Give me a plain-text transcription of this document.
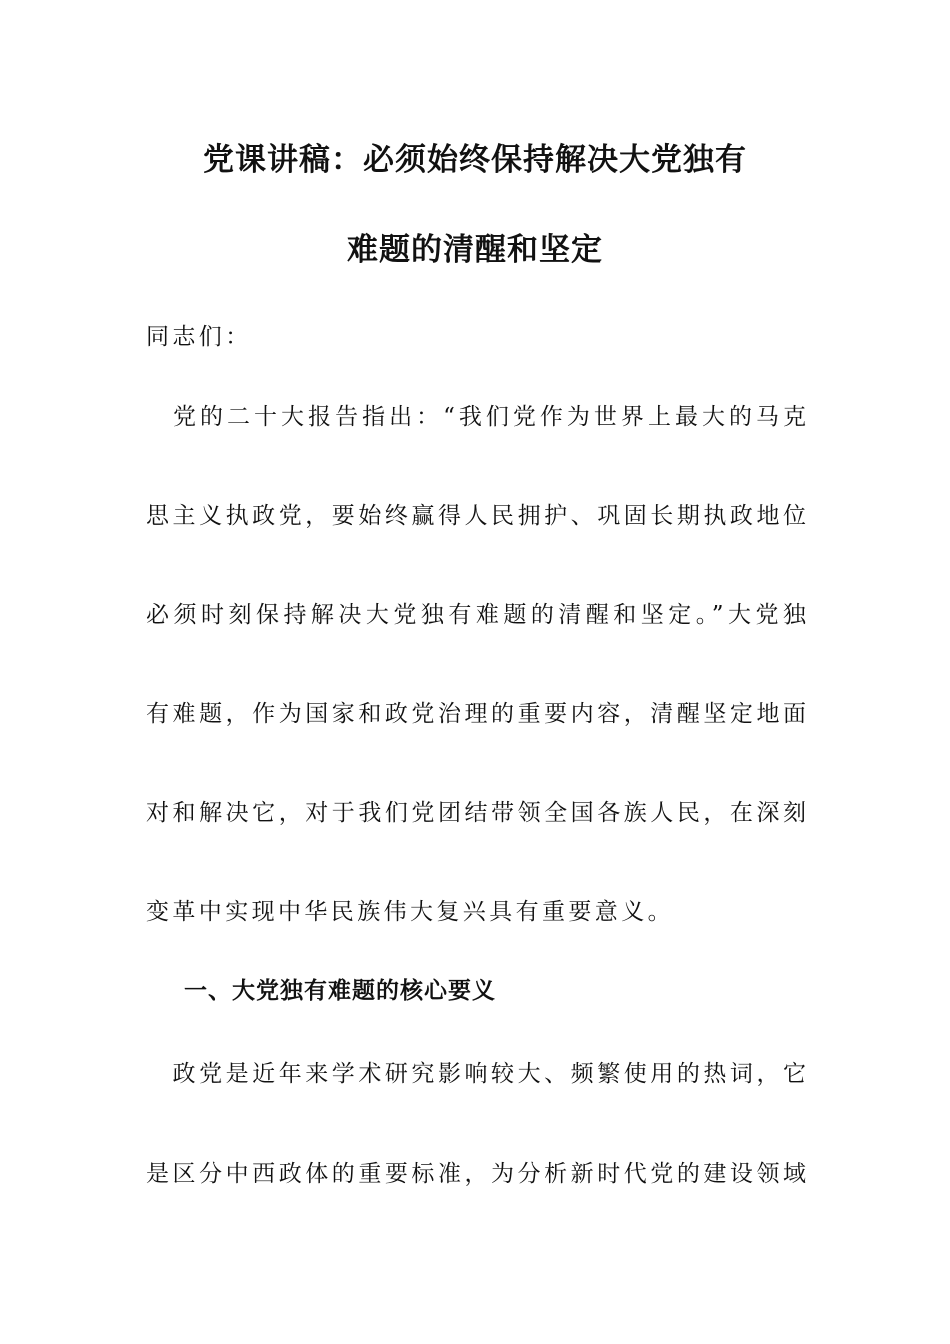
党课讲稿：必须始终保持解决大党独有
难题的清醒和坚定
同志们：
　党的二十大报告指出：“我们党作为世界上最大的马克
思主义执政党，要始终赢得人民拥护、巩固长期执政地位
必须时刻保持解决大党独有难题的清醒和坚定。”大党独
有难题，作为国家和政党治理的重要内容，清醒坚定地面
对和解决它，对于我们党团结带领全国各族人民，在深刻
变革中实现中华民族伟大复兴具有重要意义。
一、大党独有难题的核心要义
　政党是近年来学术研究影响较大、频繁使用的热词，它
是区分中西政体的重要标准，为分析新时代党的建设领域
